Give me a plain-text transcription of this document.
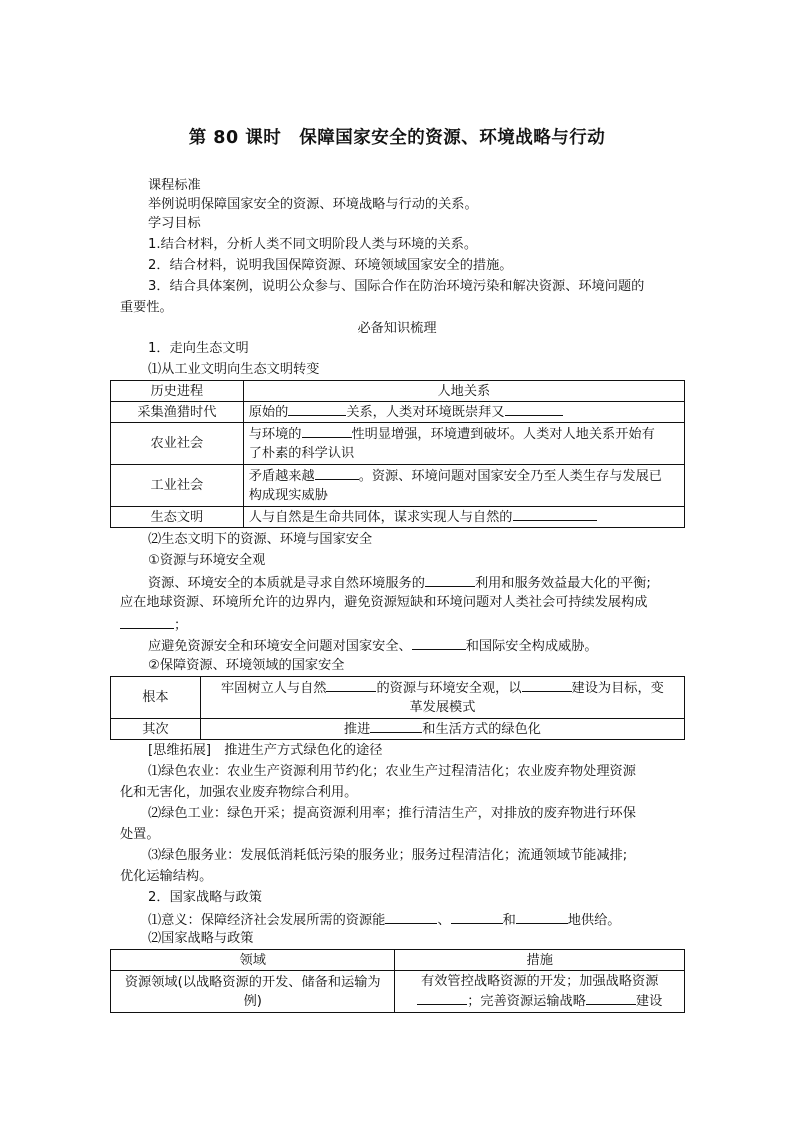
第 80 课时　保障国家安全的资源、环境战略与行动
课程标准
举例说明保障国家安全的资源、环境战略与行动的关系。
学习目标
1.结合材料，分析人类不同文明阶段人类与环境的关系。
2．结合材料，说明我国保障资源、环境领域国家安全的措施。
3．结合具体案例，说明公众参与、国际合作在防治环境污染和解决资源、环境问题的
重要性。
必备知识梳理
1．走向生态文明
⑴从工业文明向生态文明转变
历史进程	人地关系
采集渔猎时代	原始的 关系，人类对环境既崇拜又
农业社会	与环境的 性明显增强，环境遭到破坏。人类对人地关系开始有
了朴素的科学认识
工业社会	矛盾越来越 。资源、环境问题对国家安全乃至人类生存与发展已
构成现实威胁
生态文明	人与自然是生命共同体，谋求实现人与自然的
⑵生态文明下的资源、环境与国家安全
①资源与环境安全观
资源、环境安全的本质就是寻求自然环境服务的	利用和服务效益最大化的平衡;
应在地球资源、环境所允许的边界内，避免资源短缺和环境问题对人类社会可持续发展构成
；
应避免资源安全和环境安全问题对国家安全、	和国际安全构成威胁。
②保障资源、环境领域的国家安全
根本	牢固树立人与自然 的资源与环境安全观，以 建设为目标，变
革发展模式
其次	推进 和生活方式的绿色化
[思维拓展]　推进生产方式绿色化的途径
⑴绿色农业：农业生产资源利用节约化；农业生产过程清洁化；农业废弃物处理资源
化和无害化，加强农业废弃物综合利用。
⑵绿色工业：绿色开采；提高资源利用率；推行清洁生产，对排放的废弃物进行环保
处置。
⑶绿色服务业：发展低消耗低污染的服务业；服务过程清洁化；流通领域节能减排;
优化运输结构。
2．国家战略与政策
⑴意义：保障经济社会发展所需的资源能	、	和	地供给。
⑵国家战略与政策
领域	措施
资源领域(以战略资源的开发、储备和运输为
例)	有效管控战略资源的开发；加强战略资源
；完善资源运输战略 建设
